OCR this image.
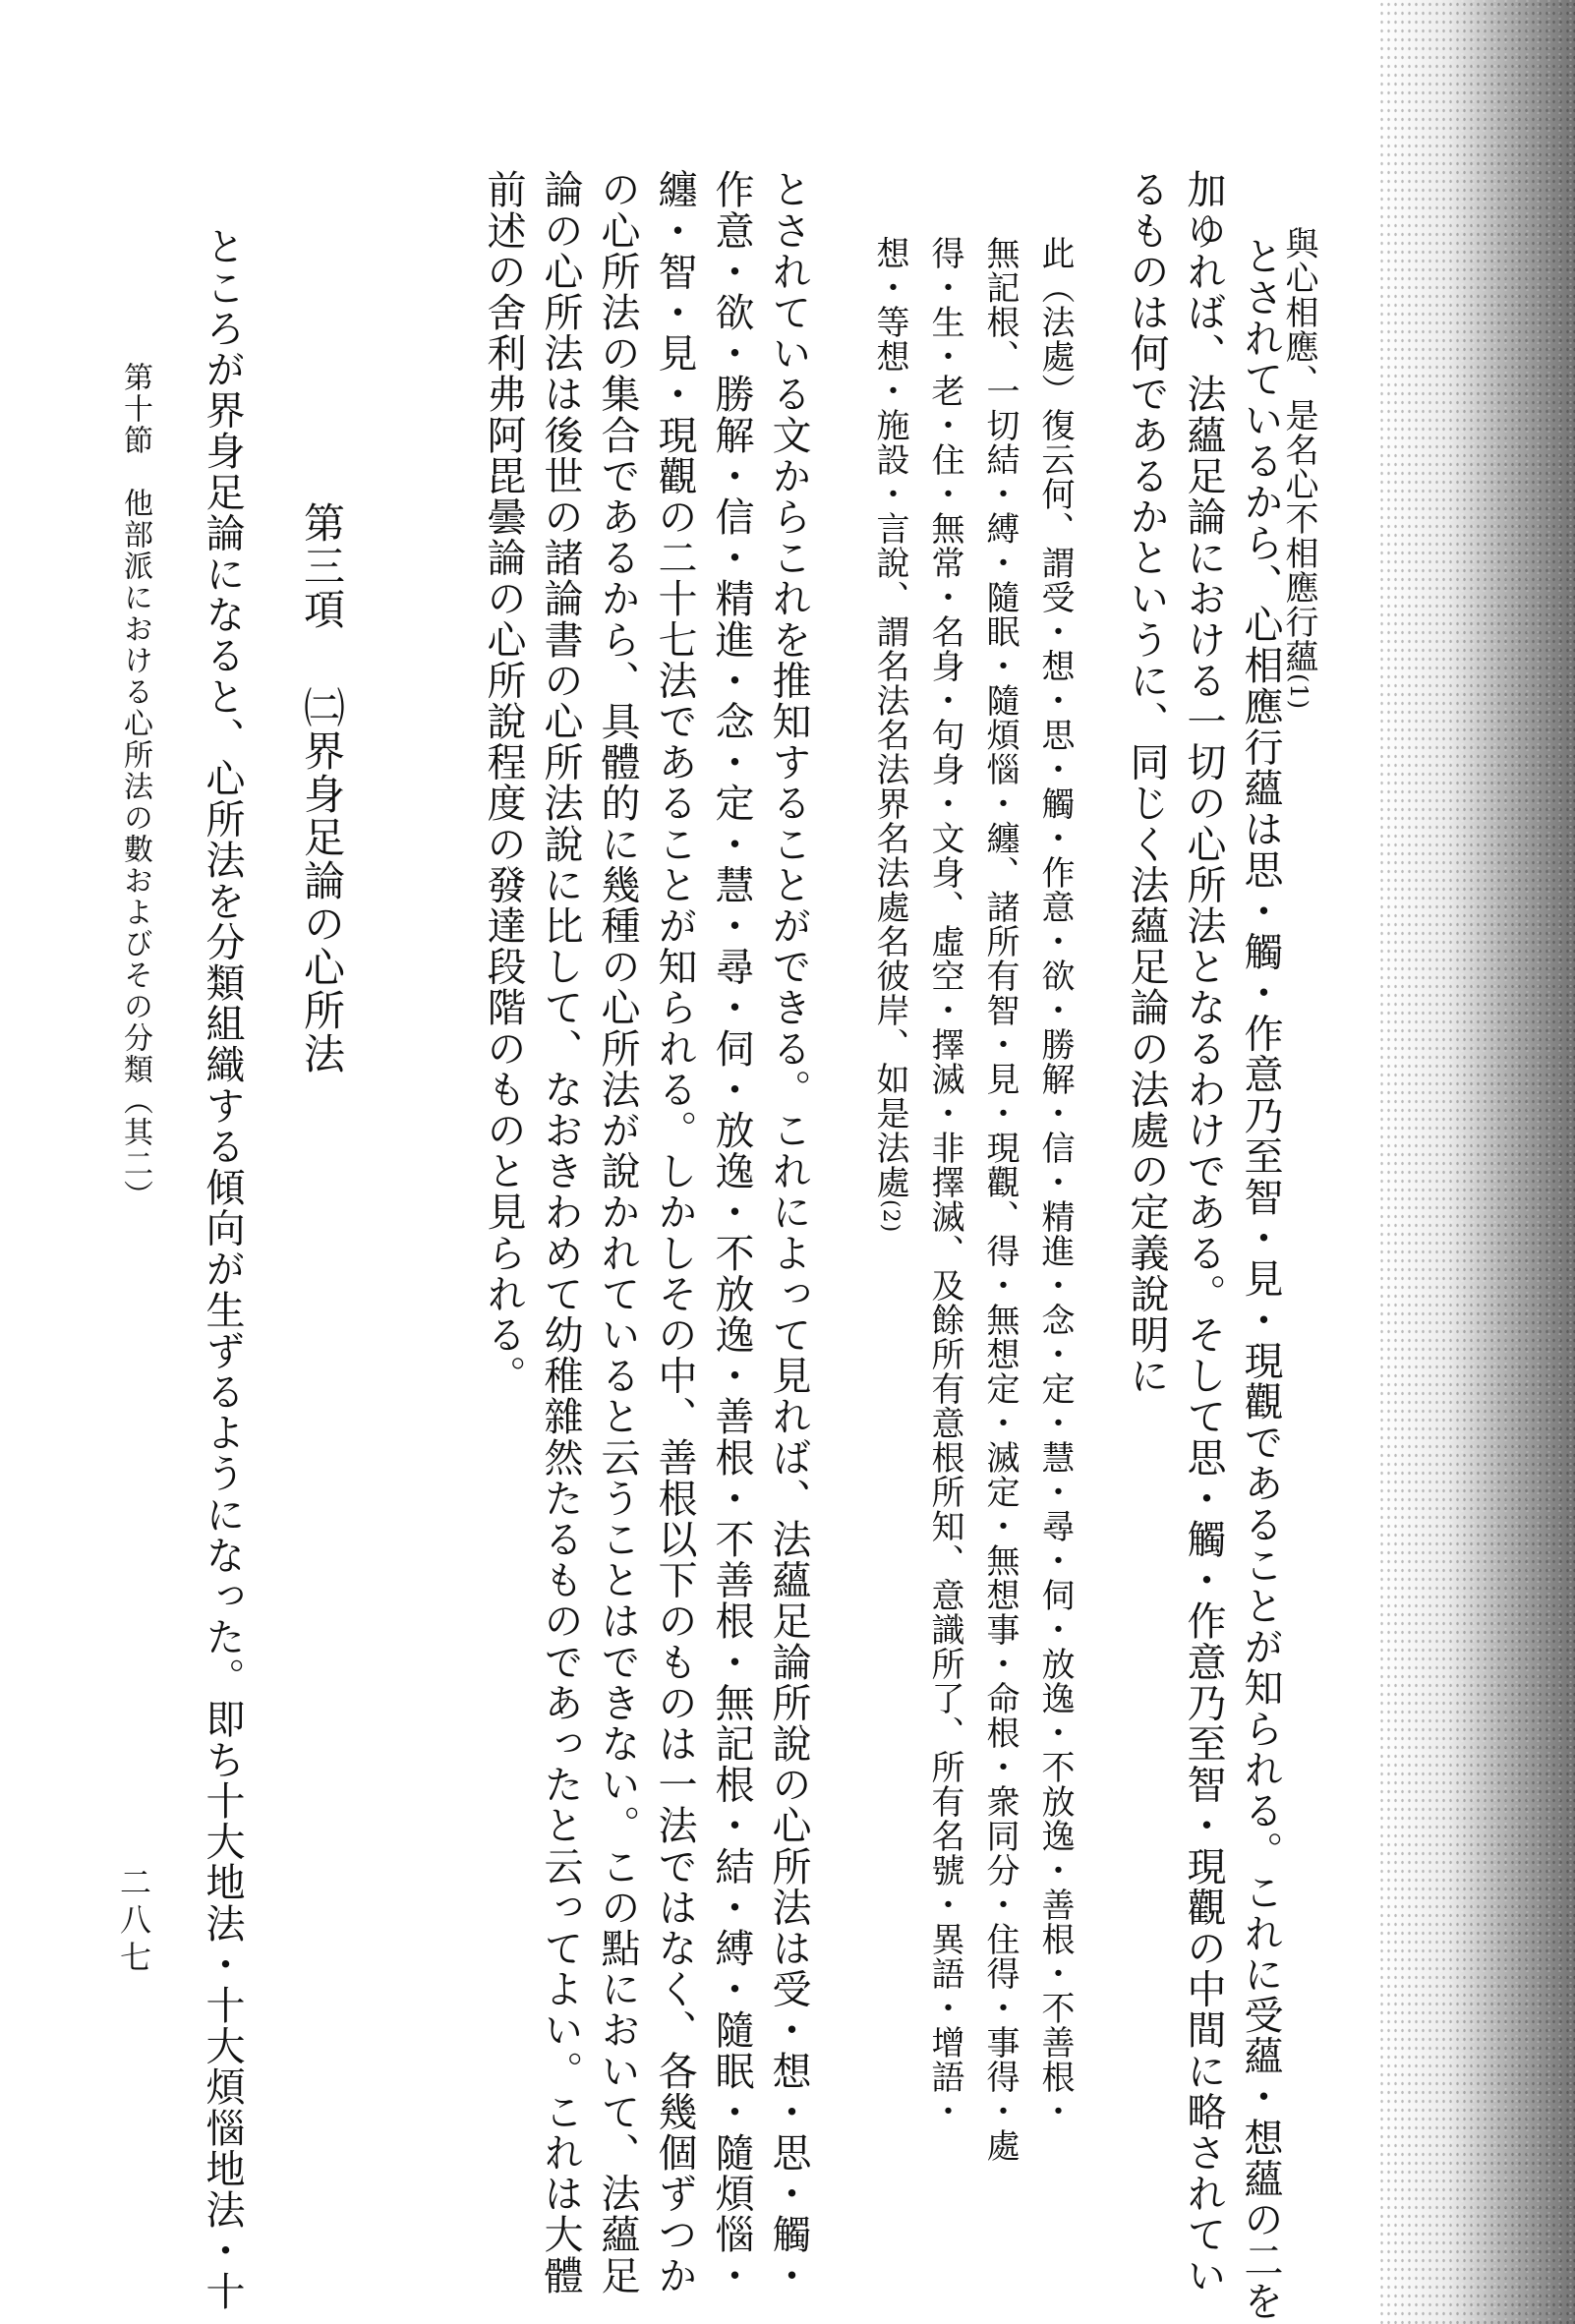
與心相應、是名心不相應行蘊(1)
とされているから、心相應行蘊は思・觸・作意乃至智・見・現觀であることが知られる。これに受蘊・想蘊の二を
加ゆれば、法蘊足論における一切の心所法となるわけである。そして思・觸・作意乃至智・現觀の中間に略されてい
るものは何であるかというに、同じく法蘊足論の法處の定義說明に
此（法處）復云何、謂受・想・思・觸・作意・欲・勝解・信・精進・念・定・慧・尋・伺・放逸・不放逸・善根・不善根・
無記根、一切結・縛・隨眠・隨煩惱・纏、諸所有智・見・現觀、得・無想定・滅定・無想事・命根・衆同分・住得・事得・處
得・生・老・住・無常・名身・句身・文身、虛空・擇滅・非擇滅、及餘所有意根所知、意識所了、所有名號・異語・增語・
想・等想・施設・言說、謂名法名法界名法處名彼岸、如是法處(2)
とされている文からこれを推知することができる。これによって見れば、法蘊足論所說の心所法は受・想・思・觸・
作意・欲・勝解・信・精進・念・定・慧・尋・伺・放逸・不放逸・善根・不善根・無記根・結・縛・隨眠・隨煩惱・
纏・智・見・現觀の二十七法であることが知られる。しかしその中、善根以下のものは一法ではなく、各幾個ずつか
の心所法の集合であるから、具體的に幾種の心所法が說かれていると云うことはできない。この點において、法蘊足
論の心所法は後世の諸論書の心所法說に比して、なおきわめて幼稚雜然たるものであったと云ってよい。これは大體
前述の舍利弗阿毘曇論の心所說程度の發達段階のものと見られる。
第三項㈡界身足論の心所法
ところが界身足論になると、心所法を分類組織する傾向が生ずるようになった。即ち十大地法・十大煩惱地法・十
第十節　他部派における心所法の數およびその分類（其二）
二八七
